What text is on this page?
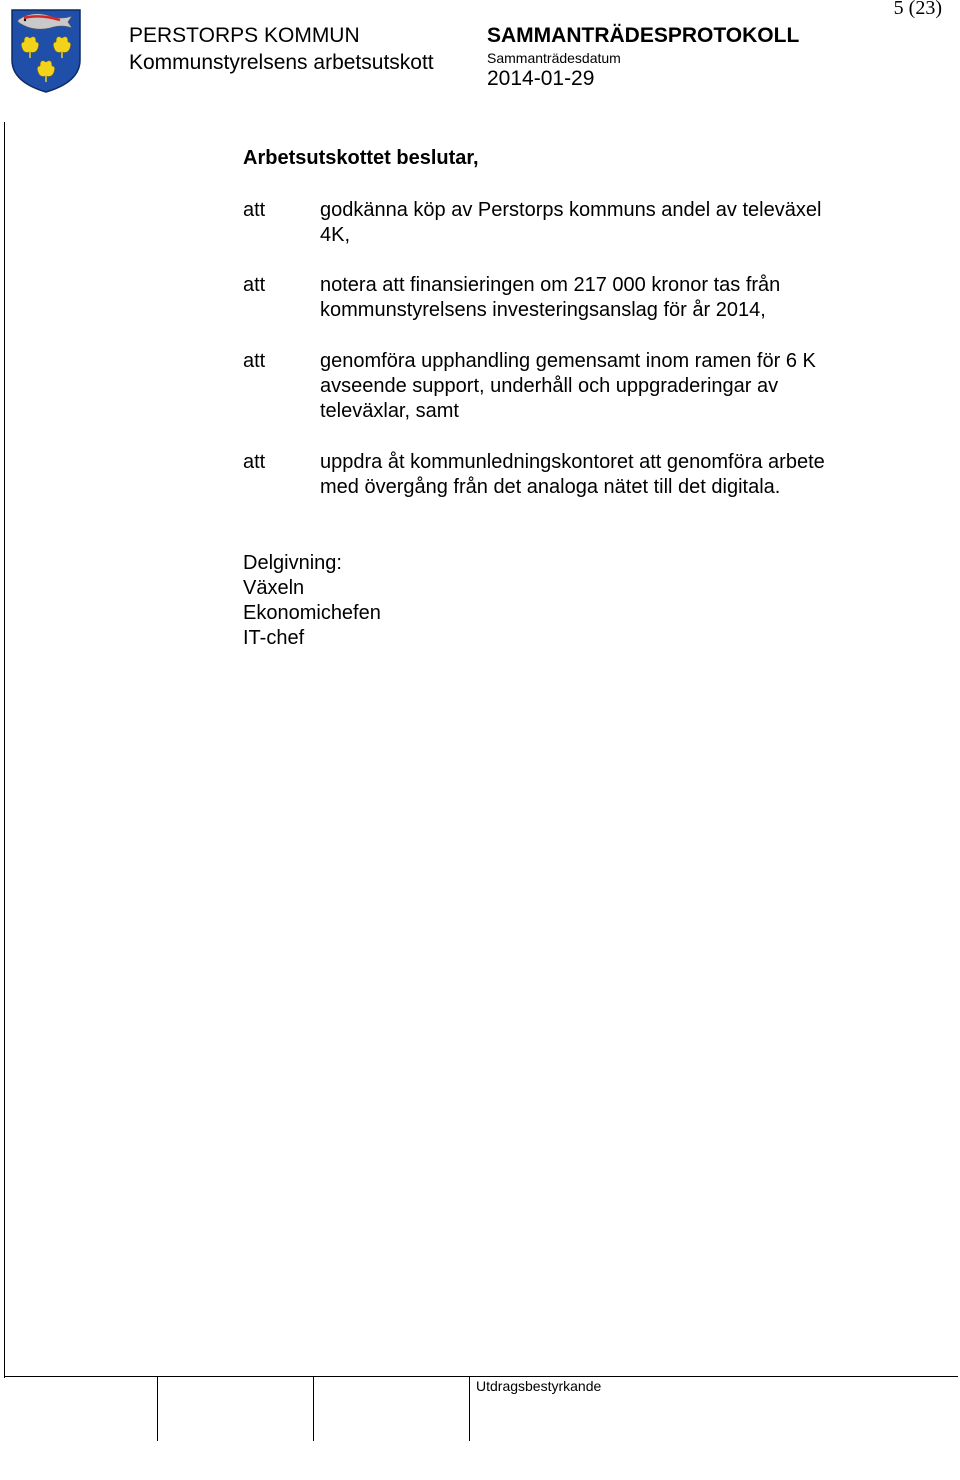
5 (23)
PERSTORPS KOMMUN
Kommunstyrelsens arbetsutskott
SAMMANTRÄDESPROTOKOLL
Sammanträdesdatum
2014-01-29
Arbetsutskottet beslutar,
att	godkänna köp av Perstorps kommuns andel av televäxel
4K,
att	notera att finansieringen om 217 000 kronor tas från
kommunstyrelsens investeringsanslag för år 2014,
att	genomföra upphandling gemensamt inom ramen för 6 K
avseende support, underhåll och uppgraderingar av
televäxlar, samt
att	uppdra åt kommunledningskontoret att genomföra arbete
med övergång från det analoga nätet till det digitala.
Delgivning:
Växeln
Ekonomichefen
IT-chef
Utdragsbestyrkande
